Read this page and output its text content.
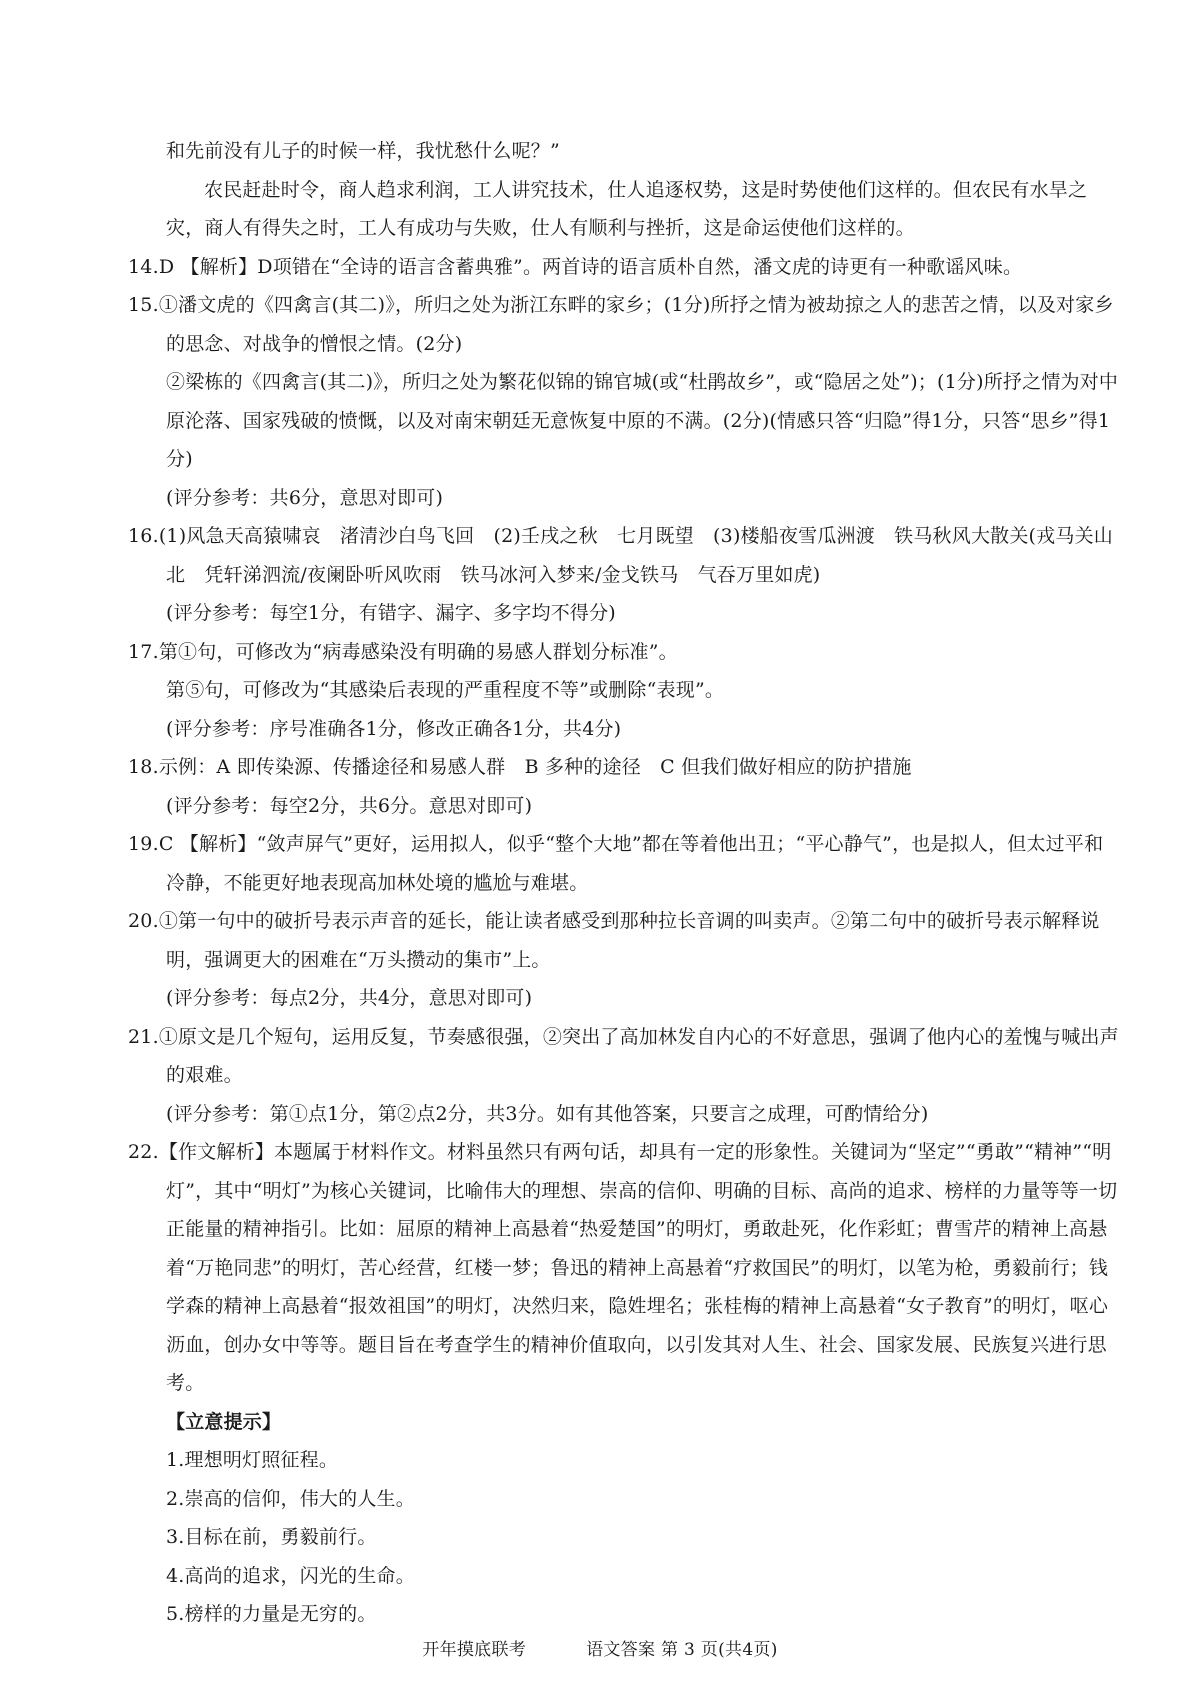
和先前没有儿子的时候一样，我忧愁什么呢？”

农民赶赴时令，商人趋求利润，工人讲究技术，仕人追逐权势，这是时势使他们这样的。但农民有水旱之灾，商人有得失之时，工人有成功与失败，仕人有顺利与挫折，这是命运使他们这样的。

14.D 【解析】D项错在“全诗的语言含蓄典雅”。两首诗的语言质朴自然，潘文虎的诗更有一种歌谣风味。

15.①潘文虎的《四禽言(其二)》，所归之处为浙江东畔的家乡；(1分)所抒之情为被劫掠之人的悲苦之情，以及对家乡的思念、对战争的憎恨之情。(2分)

②梁栋的《四禽言(其二)》，所归之处为繁花似锦的锦官城(或“杜鹃故乡”，或“隐居之处”)；(1分)所抒之情为对中原沦落、国家残破的愤慨，以及对南宋朝廷无意恢复中原的不满。(2分)(情感只答“归隐”得1分，只答“思乡”得1分)

(评分参考：共6分，意思对即可)

16.(1)风急天高猿啸哀　渚清沙白鸟飞回　(2)壬戌之秋　七月既望　(3)楼船夜雪瓜洲渡　铁马秋风大散关(戎马关山北　凭轩涕泗流/夜阑卧听风吹雨　铁马冰河入梦来/金戈铁马　气吞万里如虎)

(评分参考：每空1分，有错字、漏字、多字均不得分)

17.第①句，可修改为“病毒感染没有明确的易感人群划分标准”。

第⑤句，可修改为“其感染后表现的严重程度不等”或删除“表现”。

(评分参考：序号准确各1分，修改正确各1分，共4分)

18.示例：A 即传染源、传播途径和易感人群　B 多种的途径　C 但我们做好相应的防护措施

(评分参考：每空2分，共6分。意思对即可)

19.C 【解析】“敛声屏气”更好，运用拟人，似乎“整个大地”都在等着他出丑；“平心静气”，也是拟人，但太过平和冷静，不能更好地表现高加林处境的尴尬与难堪。

20.①第一句中的破折号表示声音的延长，能让读者感受到那种拉长音调的叫卖声。②第二句中的破折号表示解释说明，强调更大的困难在“万头攒动的集市”上。

(评分参考：每点2分，共4分，意思对即可)

21.①原文是几个短句，运用反复，节奏感很强，②突出了高加林发自内心的不好意思，强调了他内心的羞愧与喊出声的艰难。

(评分参考：第①点1分，第②点2分，共3分。如有其他答案，只要言之成理，可酌情给分)

22.【作文解析】本题属于材料作文。材料虽然只有两句话，却具有一定的形象性。关键词为“坚定”“勇敢”“精神”“明灯”，其中“明灯”为核心关键词，比喻伟大的理想、崇高的信仰、明确的目标、高尚的追求、榜样的力量等等一切正能量的精神指引。比如：屈原的精神上高悬着“热爱楚国”的明灯，勇敢赴死，化作彩虹；曹雪芹的精神上高悬着“万艳同悲”的明灯，苦心经营，红楼一梦；鲁迅的精神上高悬着“疗救国民”的明灯，以笔为枪，勇毅前行；钱学森的精神上高悬着“报效祖国”的明灯，决然归来，隐姓埋名；张桂梅的精神上高悬着“女子教育”的明灯，呕心沥血，创办女中等等。题目旨在考查学生的精神价值取向，以引发其对人生、社会、国家发展、民族复兴进行思考。

【立意提示】

1.理想明灯照征程。

2.崇高的信仰，伟大的人生。

3.目标在前，勇毅前行。

4.高尚的追求，闪光的生命。

5.榜样的力量是无穷的。

开年摸底联考	语文答案 第 3 页(共4页)
